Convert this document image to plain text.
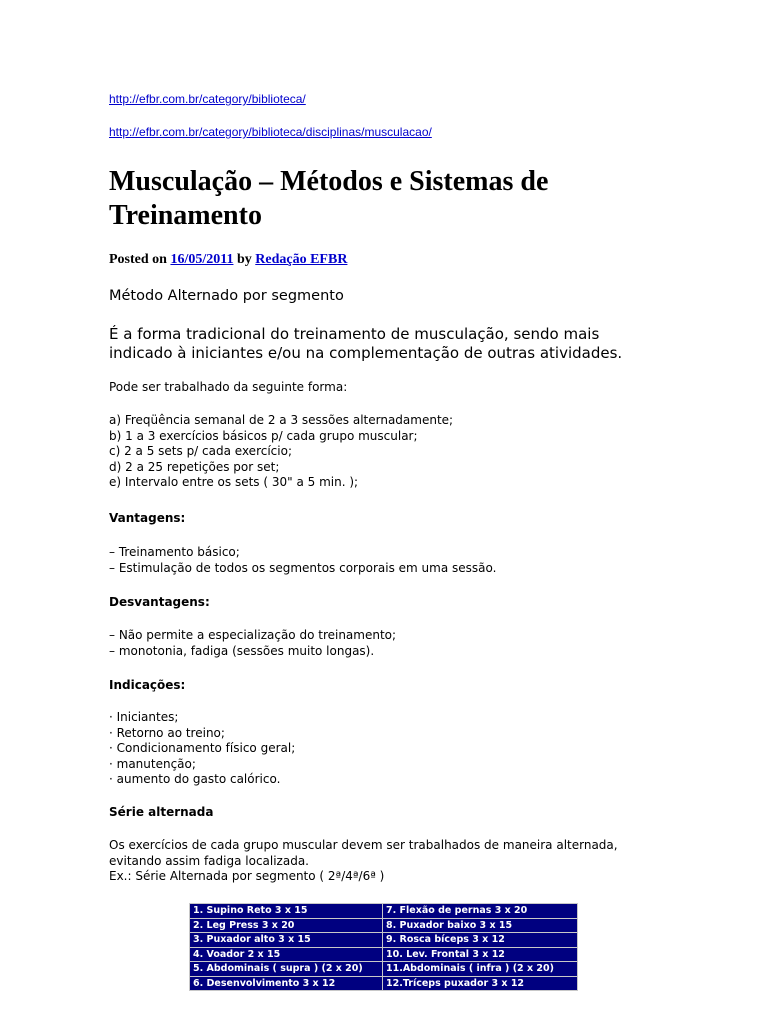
http://efbr.com.br/category/biblioteca/
http://efbr.com.br/category/biblioteca/disciplinas/musculacao/
Musculação – Métodos e Sistemas de
Treinamento
Posted on 16/05/2011 by Redação EFBR
Método Alternado por segmento
É a forma tradicional do treinamento de musculação, sendo mais
indicado à iniciantes e/ou na complementação de outras atividades.
Pode ser trabalhado da seguinte forma:
a) Freqüência semanal de 2 a 3 sessões alternadamente;
b) 1 a 3 exercícios básicos p/ cada grupo muscular;
c) 2 a 5 sets p/ cada exercício;
d) 2 a 25 repetições por set;
e) Intervalo entre os sets ( 30" a 5 min. );
Vantagens:
– Treinamento básico;
– Estimulação de todos os segmentos corporais em uma sessão.
Desvantagens:
– Não permite a especialização do treinamento;
– monotonia, fadiga (sessões muito longas).
Indicações:
· Iniciantes;
· Retorno ao treino;
· Condicionamento físico geral;
· manutenção;
· aumento do gasto calórico.
Série alternada
Os exercícios de cada grupo muscular devem ser trabalhados de maneira alternada,
evitando assim fadiga localizada.
Ex.: Série Alternada por segmento ( 2ª/4ª/6ª )
1. Supino Reto 3 x 15	7. Flexão de pernas 3 x 20
2. Leg Press 3 x 20	8. Puxador baixo 3 x 15
3. Puxador alto 3 x 15	9. Rosca bíceps 3 x 12
4. Voador 2 x 15	10. Lev. Frontal 3 x 12
5. Abdominais ( supra ) (2 x 20)	11.Abdominais ( infra ) (2 x 20)
6. Desenvolvimento 3 x 12	12.Tríceps puxador 3 x 12
